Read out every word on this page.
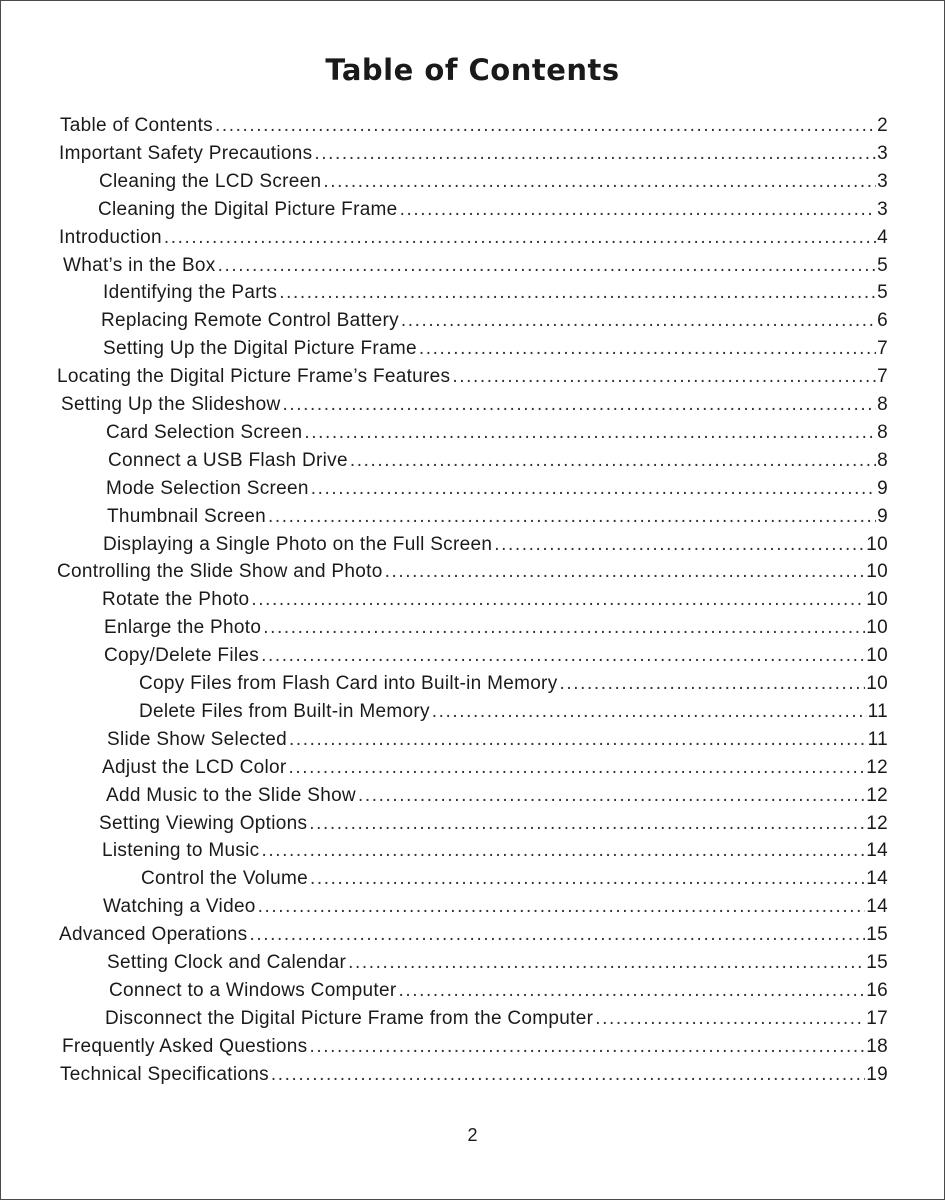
Table of Contents
Table of Contents .....	2
Important Safety Precautions .....	3
Cleaning the LCD Screen .....	3
Cleaning the Digital Picture Frame .....	3
Introduction .....	4
What’s in the Box .....	5
Identifying the Parts .....	5
Replacing Remote Control Battery .....	6
Setting Up the Digital Picture Frame .....	7
Locating the Digital Picture Frame’s Features .....	7
Setting Up the Slideshow .....	8
Card Selection Screen .....	8
Connect a USB Flash Drive .....	8
Mode Selection Screen .....	9
Thumbnail Screen .....	9
Displaying a Single Photo on the Full Screen .....	10
Controlling the Slide Show and Photo .....	10
Rotate the Photo .....	10
Enlarge the Photo .....	10
Copy/Delete Files .....	10
Copy Files from Flash Card into Built-in Memory .....	10
Delete Files from Built-in Memory .....	11
Slide Show Selected .....	11
Adjust the LCD Color .....	12
Add Music to the Slide Show .....	12
Setting Viewing Options .....	12
Listening to Music .....	14
Control the Volume .....	14
Watching a Video .....	14
Advanced Operations .....	15
Setting Clock and Calendar .....	15
Connect to a Windows Computer .....	16
Disconnect the Digital Picture Frame from the Computer .....	17
Frequently Asked Questions .....	18
Technical Specifications .....	19
2
